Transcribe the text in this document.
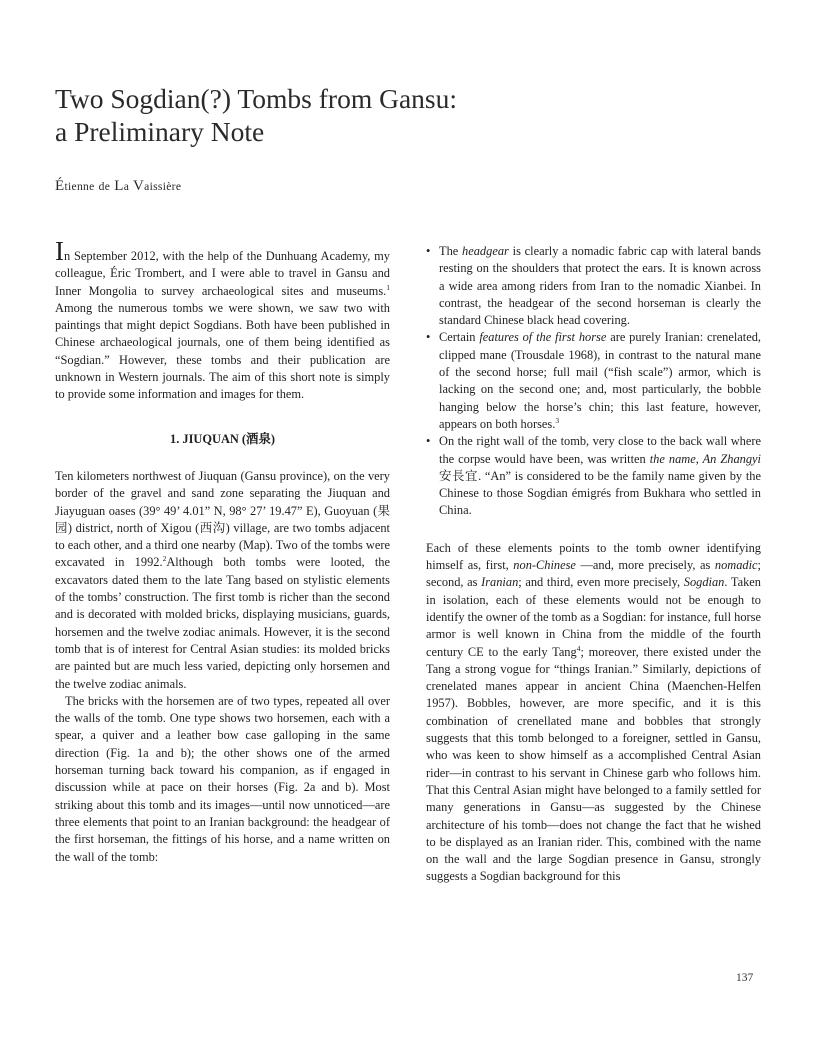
Two Sogdian(?) Tombs from Gansu:
a Preliminary Note
Étienne de La Vaissière

In September 2012, with the help of the Dunhuang Academy, my colleague, Éric Trombert, and I were able to travel in Gansu and Inner Mongolia to survey archaeological sites and museums.$^1$ Among the numerous tombs we were shown, we saw two with paintings that might depict Sogdians. Both have been published in Chinese archaeological journals, one of them being identified as “Sogdian.” However, these tombs and their publication are unknown in Western journals. The aim of this short note is simply to provide some information and images for them.

1. JIUQUAN (酒泉)

Ten kilometers northwest of Jiuquan (Gansu province), on the very border of the gravel and sand zone separating the Jiuquan and Jiayuguan oases (39° 49’ 4.01” N, 98° 27’ 19.47” E), Guoyuan (果园) district, north of Xigou (西沟) village, are two tombs adjacent to each other, and a third one nearby (Map). Two of the tombs were excavated in 1992.$^2$Although both tombs were looted, the excavators dated them to the late Tang based on stylistic elements of the tombs’ construction. The first tomb is richer than the second and is decorated with molded bricks, displaying musicians, guards, horsemen and the twelve zodiac animals. However, it is the second tomb that is of interest for Central Asian studies: its molded bricks are painted but are much less varied, depicting only horsemen and the twelve zodiac animals.

The bricks with the horsemen are of two types, repeated all over the walls of the tomb. One type shows two horsemen, each with a spear, a quiver and a leather bow case galloping in the same direction (Fig. 1a and b); the other shows one of the armed horseman turning back toward his companion, as if engaged in discussion while at pace on their horses (Fig. 2a and b). Most striking about this tomb and its images—until now unnoticed—are three elements that point to an Iranian background: the headgear of the first horseman, the fittings of his horse, and a name written on the wall of the tomb:

• The headgear is clearly a nomadic fabric cap with lateral bands resting on the shoulders that protect the ears. It is known across a wide area among riders from Iran to the nomadic Xianbei. In contrast, the headgear of the second horseman is clearly the standard Chinese black head covering.
• Certain features of the first horse are purely Iranian: crenelated, clipped mane (Trousdale 1968), in contrast to the natural mane of the second horse; full mail (“fish scale”) armor, which is lacking on the second one; and, most particularly, the bobble hanging below the horse’s chin; this last feature, however, appears on both horses.$^3$
• On the right wall of the tomb, very close to the back wall where the corpse would have been, was written the name, An Zhangyi 安長宜. “An” is considered to be the family name given by the Chinese to those Sogdian émigrés from Bukhara who settled in China.

Each of these elements points to the tomb owner identifying himself as, first, non-Chinese —and, more precisely, as nomadic; second, as Iranian; and third, even more precisely, Sogdian. Taken in isolation, each of these elements would not be enough to identify the owner of the tomb as a Sogdian: for instance, full horse armor is well known in China from the middle of the fourth century CE to the early Tang$^4$; moreover, there existed under the Tang a strong vogue for “things Iranian.” Similarly, depictions of crenelated manes appear in ancient China (Maenchen-Helfen 1957). Bobbles, however, are more specific, and it is this combination of crenellated mane and bobbles that strongly suggests that this tomb belonged to a foreigner, settled in Gansu, who was keen to show himself as a accomplished Central Asian rider—in contrast to his servant in Chinese garb who follows him. That this Central Asian might have belonged to a family settled for many generations in Gansu—as suggested by the Chinese architecture of his tomb—does not change the fact that he wished to be displayed as an Iranian rider. This, combined with the name on the wall and the large Sogdian presence in Gansu, strongly suggests a Sogdian background for this

137
